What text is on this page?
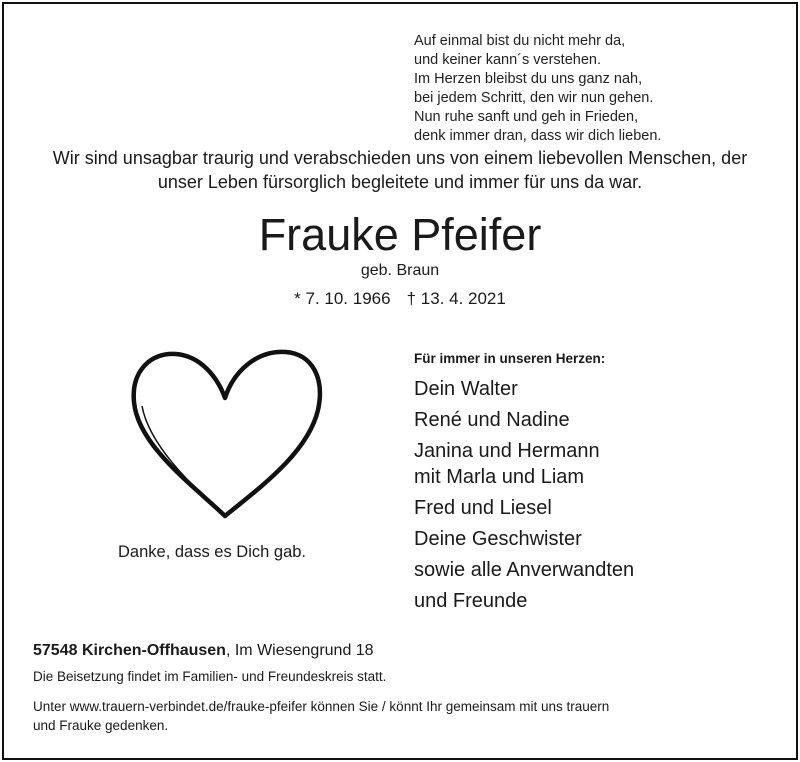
Auf einmal bist du nicht mehr da,
und keiner kann´s verstehen.
Im Herzen bleibst du uns ganz nah,
bei jedem Schritt, den wir nun gehen.
Nun ruhe sanft und geh in Frieden,
denk immer dran, dass wir dich lieben.
Wir sind unsagbar traurig und verabschieden uns von einem liebevollen Menschen, der
unser Leben fürsorglich begleitete und immer für uns da war.
Frauke Pfeifer
geb. Braun
* 7. 10. 1966 † 13. 4. 2021
Danke, dass es Dich gab.
Für immer in unseren Herzen:
Dein Walter
René und Nadine
Janina und Hermann
mit Marla und Liam
Fred und Liesel
Deine Geschwister
sowie alle Anverwandten
und Freunde
57548 Kirchen-Offhausen, Im Wiesengrund 18
Die Beisetzung findet im Familien- und Freundeskreis statt.
Unter www.trauern-verbindet.de/frauke-pfeifer können Sie / könnt Ihr gemeinsam mit uns trauern
und Frauke gedenken.
